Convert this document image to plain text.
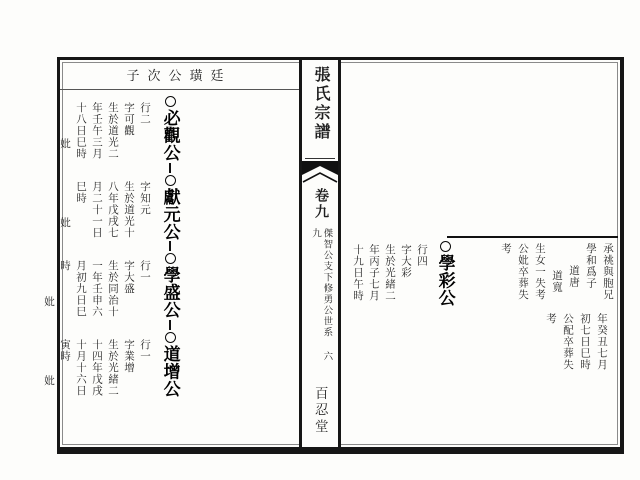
子次公璜廷
必觀公
獻元公
學盛公
道增公
行二
字可觀
生於道光二
年壬午三月
十八日巳時
妣
字知元
生於道光十
八年戊戌七
月二十一日
巳時
妣
行一
字大盛
生於同治十
一年壬申六
月初九日巳
時
妣
行一
字業增
生於光緒二
十四年戊戌
十月十六日
寅時
妣
張氏宗譜
卷九
傑智公支下修勇公世系六九
百忍堂
學彩公
行四
字大彩
生於光緒二
年丙子七月
十九日午時	承祧與胞兄
學和爲子
道唐
道寬
生女一失考
公妣卒葬失
考
年癸丑七月
初七日巳時
公配卒葬失
考
